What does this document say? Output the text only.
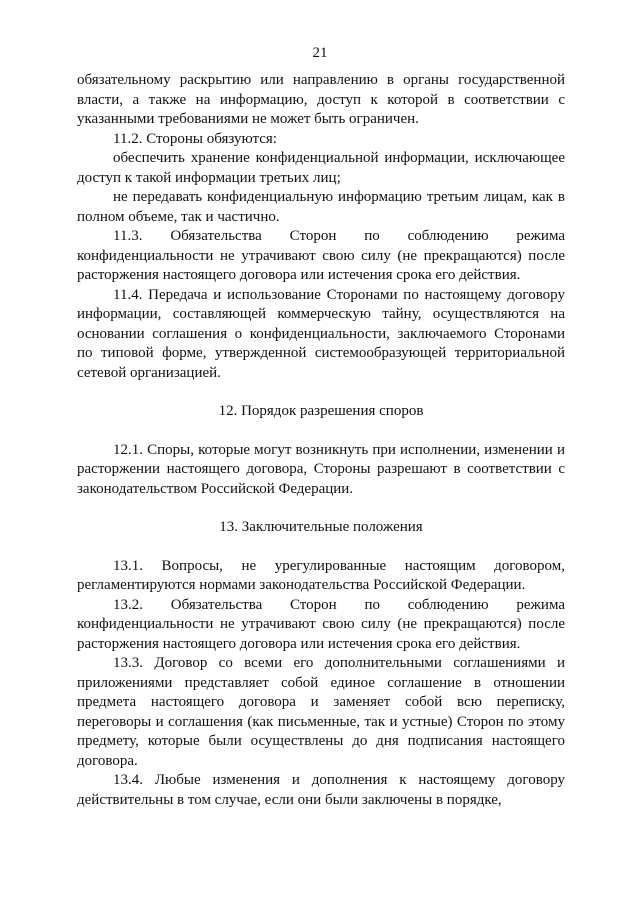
21

обязательному раскрытию или направлению в органы государственной власти, а также на информацию, доступ к которой в соответствии с указанными требованиями не может быть ограничен.

11.2. Стороны обязуются:

обеспечить хранение конфиденциальной информации, исключающее доступ к такой информации третьих лиц;

не передавать конфиденциальную информацию третьим лицам, как в полном объеме, так и частично.

11.3. Обязательства Сторон по соблюдению режима конфиденциальности не утрачивают свою силу (не прекращаются) после расторжения настоящего договора или истечения срока его действия.

11.4. Передача и использование Сторонами по настоящему договору информации, составляющей коммерческую тайну, осуществляются на основании соглашения о конфиденциальности, заключаемого Сторонами по типовой форме, утвержденной системообразующей территориальной сетевой организацией.

12. Порядок разрешения споров

12.1. Споры, которые могут возникнуть при исполнении, изменении и расторжении настоящего договора, Стороны разрешают в соответствии с законодательством Российской Федерации.

13. Заключительные положения

13.1. Вопросы, не урегулированные настоящим договором, регламентируются нормами законодательства Российской Федерации.

13.2. Обязательства Сторон по соблюдению режима конфиденциальности не утрачивают свою силу (не прекращаются) после расторжения настоящего договора или истечения срока его действия.

13.3. Договор со всеми его дополнительными соглашениями и приложениями представляет собой единое соглашение в отношении предмета настоящего договора и заменяет собой всю переписку, переговоры и соглашения (как письменные, так и устные) Сторон по этому предмету, которые были осуществлены до дня подписания настоящего договора.

13.4. Любые изменения и дополнения к настоящему договору действительны в том случае, если они были заключены в порядке,
